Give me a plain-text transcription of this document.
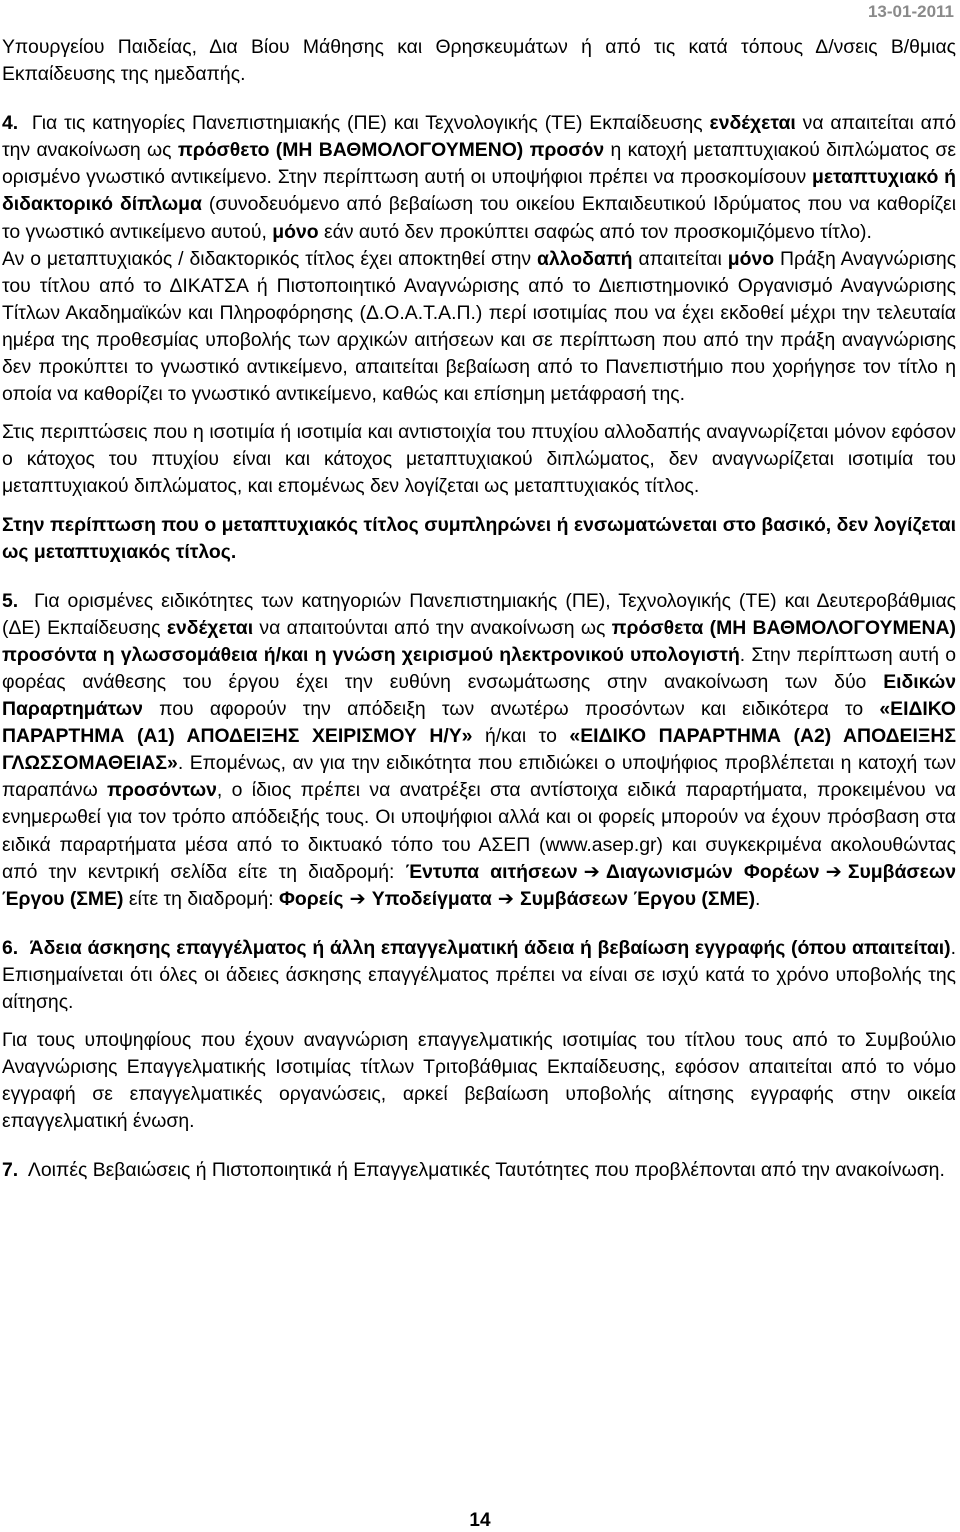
13-01-2011

Υπουργείου Παιδείας, Δια Βίου Μάθησης και Θρησκευμάτων ή από τις κατά τόπους Δ/νσεις Β/θμιας Εκπαίδευσης της ημεδαπής.

4. Για τις κατηγορίες Πανεπιστημιακής (ΠΕ) και Τεχνολογικής (ΤΕ) Εκπαίδευσης ενδέχεται να απαιτείται από την ανακοίνωση ως πρόσθετο (ΜΗ ΒΑΘΜΟΛΟΓΟΥΜΕΝΟ) προσόν η κατοχή μεταπτυχιακού διπλώματος σε ορισμένο γνωστικό αντικείμενο. Στην περίπτωση αυτή οι υποψήφιοι πρέπει να προσκομίσουν μεταπτυχιακό ή διδακτορικό δίπλωμα (συνοδευόμενο από βεβαίωση του οικείου Εκπαιδευτικού Ιδρύματος που να καθορίζει το γνωστικό αντικείμενο αυτού, μόνο εάν αυτό δεν προκύπτει σαφώς από τον προσκομιζόμενο τίτλο).

Αν ο μεταπτυχιακός / διδακτορικός τίτλος έχει αποκτηθεί στην αλλοδαπή απαιτείται μόνο Πράξη Αναγνώρισης του τίτλου από το ΔΙΚΑΤΣΑ ή Πιστοποιητικό Αναγνώρισης από το Διεπιστημονικό Οργανισμό Αναγνώρισης Τίτλων Ακαδημαϊκών και Πληροφόρησης (Δ.Ο.Α.Τ.Α.Π.) περί ισοτιμίας που να έχει εκδοθεί μέχρι την τελευταία ημέρα της προθεσμίας υποβολής των αρχικών αιτήσεων και σε περίπτωση που από την πράξη αναγνώρισης δεν προκύπτει το γνωστικό αντικείμενο, απαιτείται βεβαίωση από το Πανεπιστήμιο που χορήγησε τον τίτλο η οποία να καθορίζει το γνωστικό αντικείμενο, καθώς και επίσημη μετάφρασή της.

Στις περιπτώσεις που η ισοτιμία ή ισοτιμία και αντιστοιχία του πτυχίου αλλοδαπής αναγνωρίζεται μόνον εφόσον ο κάτοχος του πτυχίου είναι και κάτοχος μεταπτυχιακού διπλώματος, δεν αναγνωρίζεται ισοτιμία του μεταπτυχιακού διπλώματος, και επομένως δεν λογίζεται ως μεταπτυχιακός τίτλος.

Στην περίπτωση που ο μεταπτυχιακός τίτλος συμπληρώνει ή ενσωματώνεται στο βασικό, δεν λογίζεται ως μεταπτυχιακός τίτλος.

5. Για ορισμένες ειδικότητες των κατηγοριών Πανεπιστημιακής (ΠΕ), Τεχνολογικής (ΤΕ) και Δευτεροβάθμιας (ΔΕ) Εκπαίδευσης ενδέχεται να απαιτούνται από την ανακοίνωση ως πρόσθετα (ΜΗ ΒΑΘΜΟΛΟΓΟΥΜΕΝΑ) προσόντα η γλωσσομάθεια ή/και η γνώση χειρισμού ηλεκτρονικού υπολογιστή. Στην περίπτωση αυτή ο φορέας ανάθεσης του έργου έχει την ευθύνη ενσωμάτωσης στην ανακοίνωση των δύο Ειδικών Παραρτημάτων που αφορούν την απόδειξη των ανωτέρω προσόντων και ειδικότερα το «ΕΙΔΙΚΟ ΠΑΡΑΡΤΗΜΑ (Α1) ΑΠΟΔΕΙΞΗΣ ΧΕΙΡΙΣΜΟΥ Η/Υ» ή/και το «ΕΙΔΙΚΟ ΠΑΡΑΡΤΗΜΑ (Α2) ΑΠΟΔΕΙΞΗΣ ΓΛΩΣΣΟΜΑΘΕΙΑΣ». Επομένως, αν για την ειδικότητα που επιδιώκει ο υποψήφιος προβλέπεται η κατοχή των παραπάνω προσόντων, ο ίδιος πρέπει να ανατρέξει στα αντίστοιχα ειδικά παραρτήματα, προκειμένου να ενημερωθεί για τον τρόπο απόδειξής τους. Οι υποψήφιοι αλλά και οι φορείς μπορούν να έχουν πρόσβαση στα ειδικά παραρτήματα μέσα από το δικτυακό τόπο του ΑΣΕΠ (www.asep.gr) και συγκεκριμένα ακολουθώντας από την κεντρική σελίδα είτε τη διαδρομή: Έντυπα αιτήσεων ➔ Διαγωνισμών Φορέων ➔ Συμβάσεων Έργου (ΣΜΕ) είτε τη διαδρομή: Φορείς ➔ Υποδείγματα ➔ Συμβάσεων Έργου (ΣΜΕ).

6. Άδεια άσκησης επαγγέλματος ή άλλη επαγγελματική άδεια ή βεβαίωση εγγραφής (όπου απαιτείται). Επισημαίνεται ότι όλες οι άδειες άσκησης επαγγέλματος πρέπει να είναι σε ισχύ κατά το χρόνο υποβολής της αίτησης.

Για τους υποψηφίους που έχουν αναγνώριση επαγγελματικής ισοτιμίας του τίτλου τους από το Συμβούλιο Αναγνώρισης Επαγγελματικής Ισοτιμίας τίτλων Τριτοβάθμιας Εκπαίδευσης, εφόσον απαιτείται από το νόμο εγγραφή σε επαγγελματικές οργανώσεις, αρκεί βεβαίωση υποβολής αίτησης εγγραφής στην οικεία επαγγελματική ένωση.

7. Λοιπές Βεβαιώσεις ή Πιστοποιητικά ή Επαγγελματικές Ταυτότητες που προβλέπονται από την ανακοίνωση.

14
